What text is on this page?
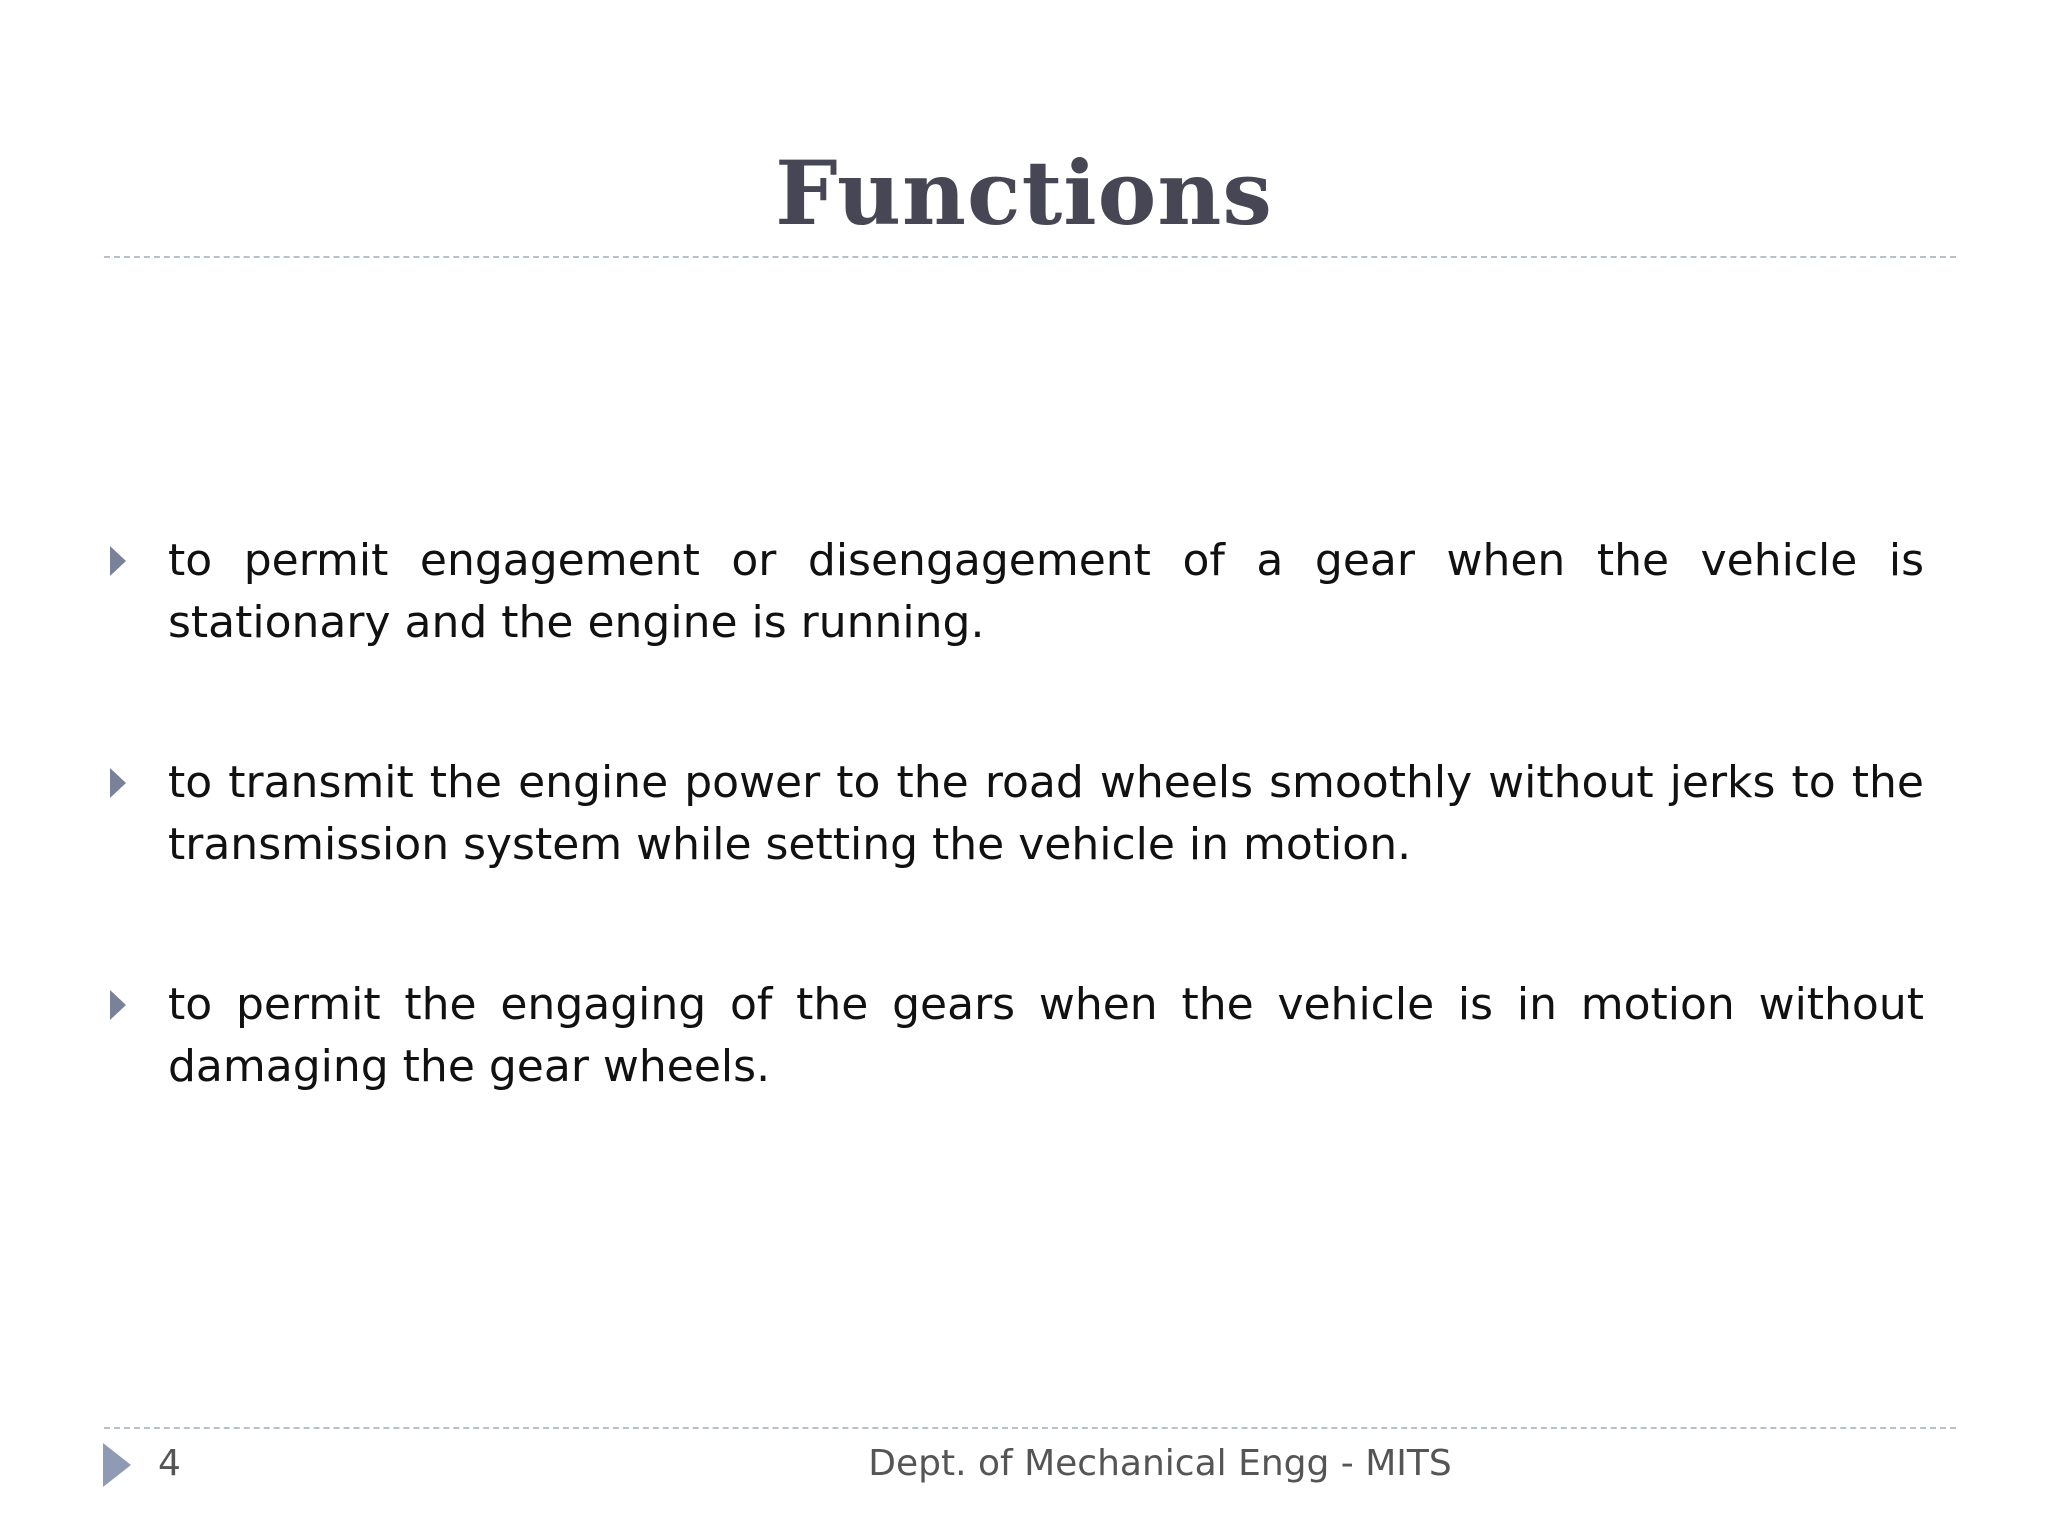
Functions
to permit engagement or disengagement of a gear when the vehicle is stationary and the engine is running.
to transmit the engine power to the road wheels smoothly without jerks to the transmission system while setting the vehicle in motion.
to permit the engaging of the gears when the vehicle is in motion without damaging the gear wheels.
4	Dept. of Mechanical Engg - MITS
